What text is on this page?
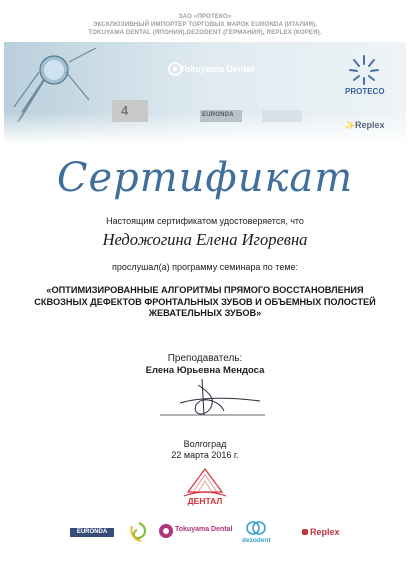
ЗАО «ПРОТЕКО»
ЭКСКЛЮЗИВНЫЙ ИМПОРТЕР ТОРГОВЫХ МАРОК EURONDA (ИТАЛИЯ),
TOKUYAMA DENTAL (ЯПОНИЯ),DEZODENT (ГЕРМАНИЯ), REPLEX (КОРЕЯ).
4
Tokuyama Dental
PROTECO
EURONDA
✨Replex
Сертификат
Настоящим сертификатом удостоверяется, что
Недожогина Елена Игоревна
прослушал(а) программу семинара по теме:
«ОПТИМИЗИРОВАННЫЕ АЛГОРИТМЫ ПРЯМОГО ВОССТАНОВЛЕНИЯ СКВОЗНЫХ ДЕФЕКТОВ ФРОНТАЛЬНЫХ ЗУБОВ И ОБЪЕМНЫХ ПОЛОСТЕЙ ЖЕВАТЕЛЬНЫХ ЗУБОВ»
Преподаватель:
Елена Юрьевна Мендоса
Волгоград
22 марта 2016 г.
ДЕНТАЛ
EURONDA	Tokuyama Dental
dezodent
Replex
